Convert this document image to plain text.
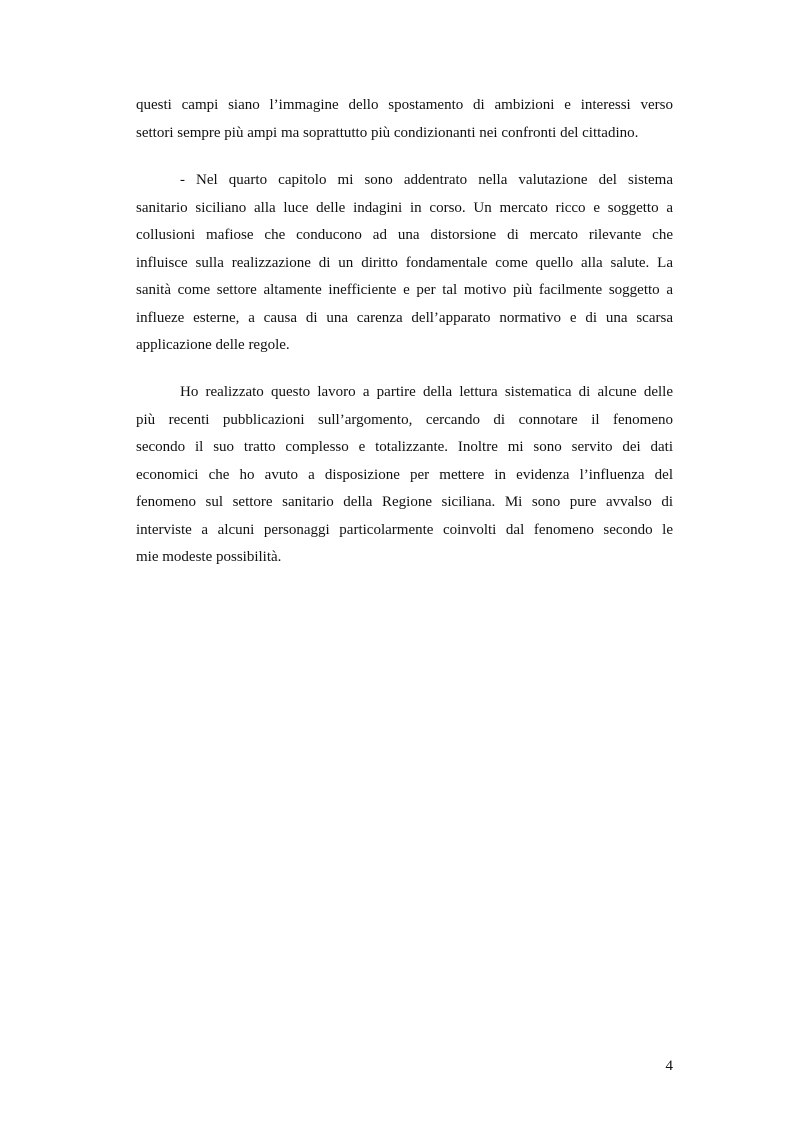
questi campi siano l’immagine dello spostamento di ambizioni e interessi verso
settori sempre più ampi ma soprattutto più condizionanti nei confronti del cittadino.
- Nel quarto capitolo mi sono addentrato nella valutazione del sistema
sanitario siciliano alla luce delle indagini in corso. Un mercato ricco e soggetto a
collusioni mafiose che conducono ad una distorsione di mercato rilevante che
influisce sulla realizzazione di un diritto fondamentale come quello alla salute. La
sanità come settore altamente inefficiente e per tal motivo più facilmente soggetto a
influeze esterne, a causa di una carenza dell’apparato normativo e di una scarsa
applicazione delle regole.
Ho realizzato questo lavoro a partire della lettura sistematica di alcune delle
più recenti pubblicazioni sull’argomento, cercando di connotare il fenomeno
secondo il suo tratto complesso e totalizzante. Inoltre mi sono servito dei dati
economici che ho avuto a disposizione per mettere in evidenza l’influenza del
fenomeno sul settore sanitario della Regione siciliana. Mi sono pure avvalso di
interviste a alcuni personaggi particolarmente coinvolti dal fenomeno secondo le
mie modeste possibilità.
4
